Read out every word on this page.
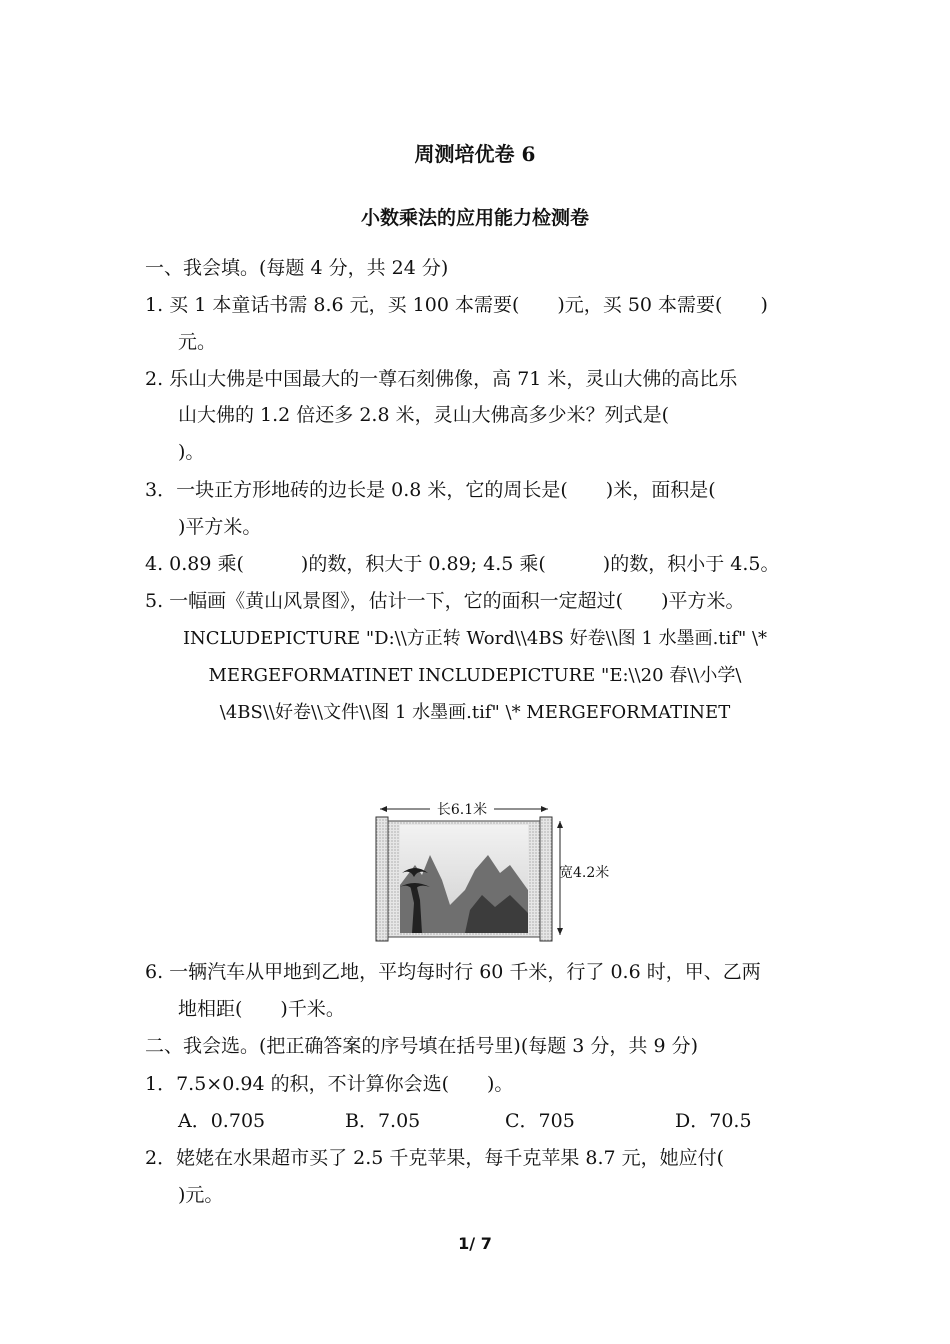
周测培优卷 6
小数乘法的应用能力检测卷
一、我会填。(每题 4 分，共 24 分)
1. 买 1 本童话书需 8.6 元，买 100 本需要(　　)元，买 50 本需要(　　)
元。
2. 乐山大佛是中国最大的一尊石刻佛像，高 71 米，灵山大佛的高比乐
山大佛的 1.2 倍还多 2.8 米，灵山大佛高多少米？列式是(
)。
3．一块正方形地砖的边长是 0.8 米，它的周长是(　　)米，面积是(
)平方米。
4. 0.89 乘(　　　)的数，积大于 0.89; 4.5 乘(　　　)的数，积小于 4.5。
5. 一幅画《黄山风景图》，估计一下，它的面积一定超过(　　)平方米。
INCLUDEPICTURE "D:\\方正转 Word\\4BS 好卷\\图 1 水墨画.tif" \*
MERGEFORMATINET INCLUDEPICTURE "E:\\20 春\\小学\
\4BS\\好卷\\文件\\图 1 水墨画.tif" \* MERGEFORMATINET
长6.1米
宽4.2米
6. 一辆汽车从甲地到乙地，平均每时行 60 千米，行了 0.6 时，甲、乙两
地相距(　　)千米。
二、我会选。(把正确答案的序号填在括号里)(每题 3 分，共 9 分)
1．7.5×0.94 的积，不计算你会选(　　)。
A．0.705	B．7.05	C．705	D．70.5
2．姥姥在水果超市买了 2.5 千克苹果，每千克苹果 8.7 元，她应付(
)元。
1/ 7
